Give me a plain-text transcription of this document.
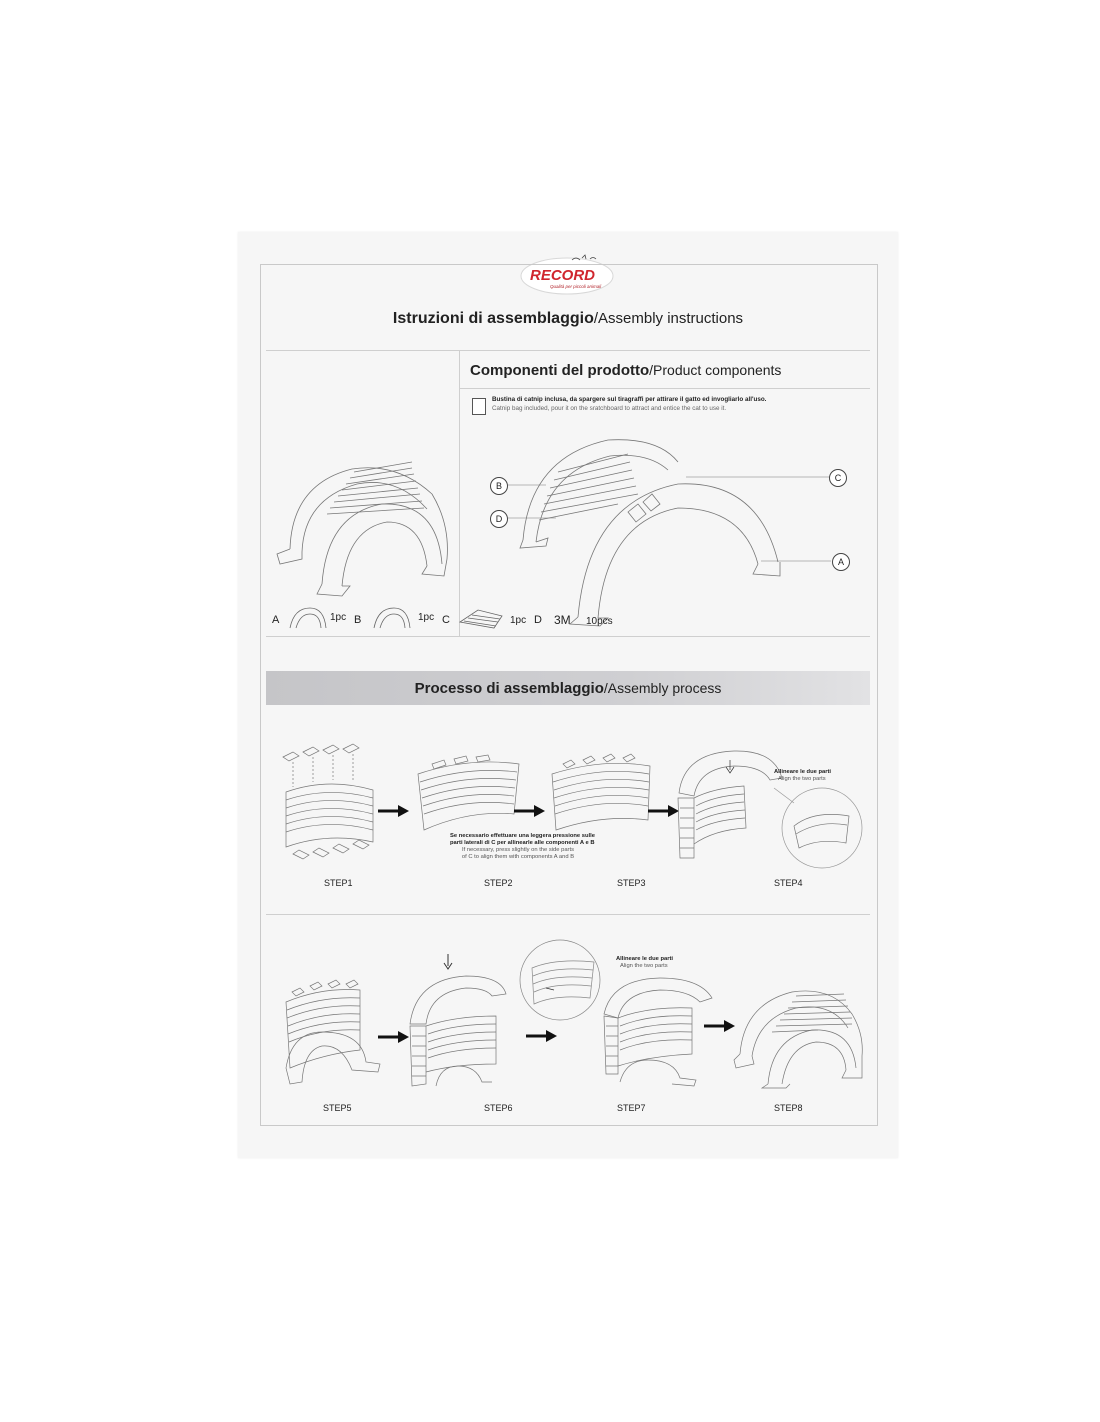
RECORD
Qualità per piccoli animali
Istruzioni di assemblaggio/Assembly instructions
Componenti del prodotto/Product components
Bustina di catnip inclusa, da spargere sul tiragraffi per attirare il gatto ed invogliarlo all'uso.
Catnip bag included, pour it on the sratchboard to attract and entice the cat to use it.
B
D
C
A
A	1pc B	1pc C	1pc D 3M 10pcs
Processo di assemblaggio/Assembly process
Allineare le due parti
Align the two parts
Se necessario effettuare una leggera pressione sulle
parti laterali di C per allinearle alle componenti A e B
If necessary, press slightly on the side parts
of C to align them with components A and B
STEP1	STEP2	STEP3	STEP4
Allineare le due parti
Align the two parts
STEP5	STEP6	STEP7	STEP8
